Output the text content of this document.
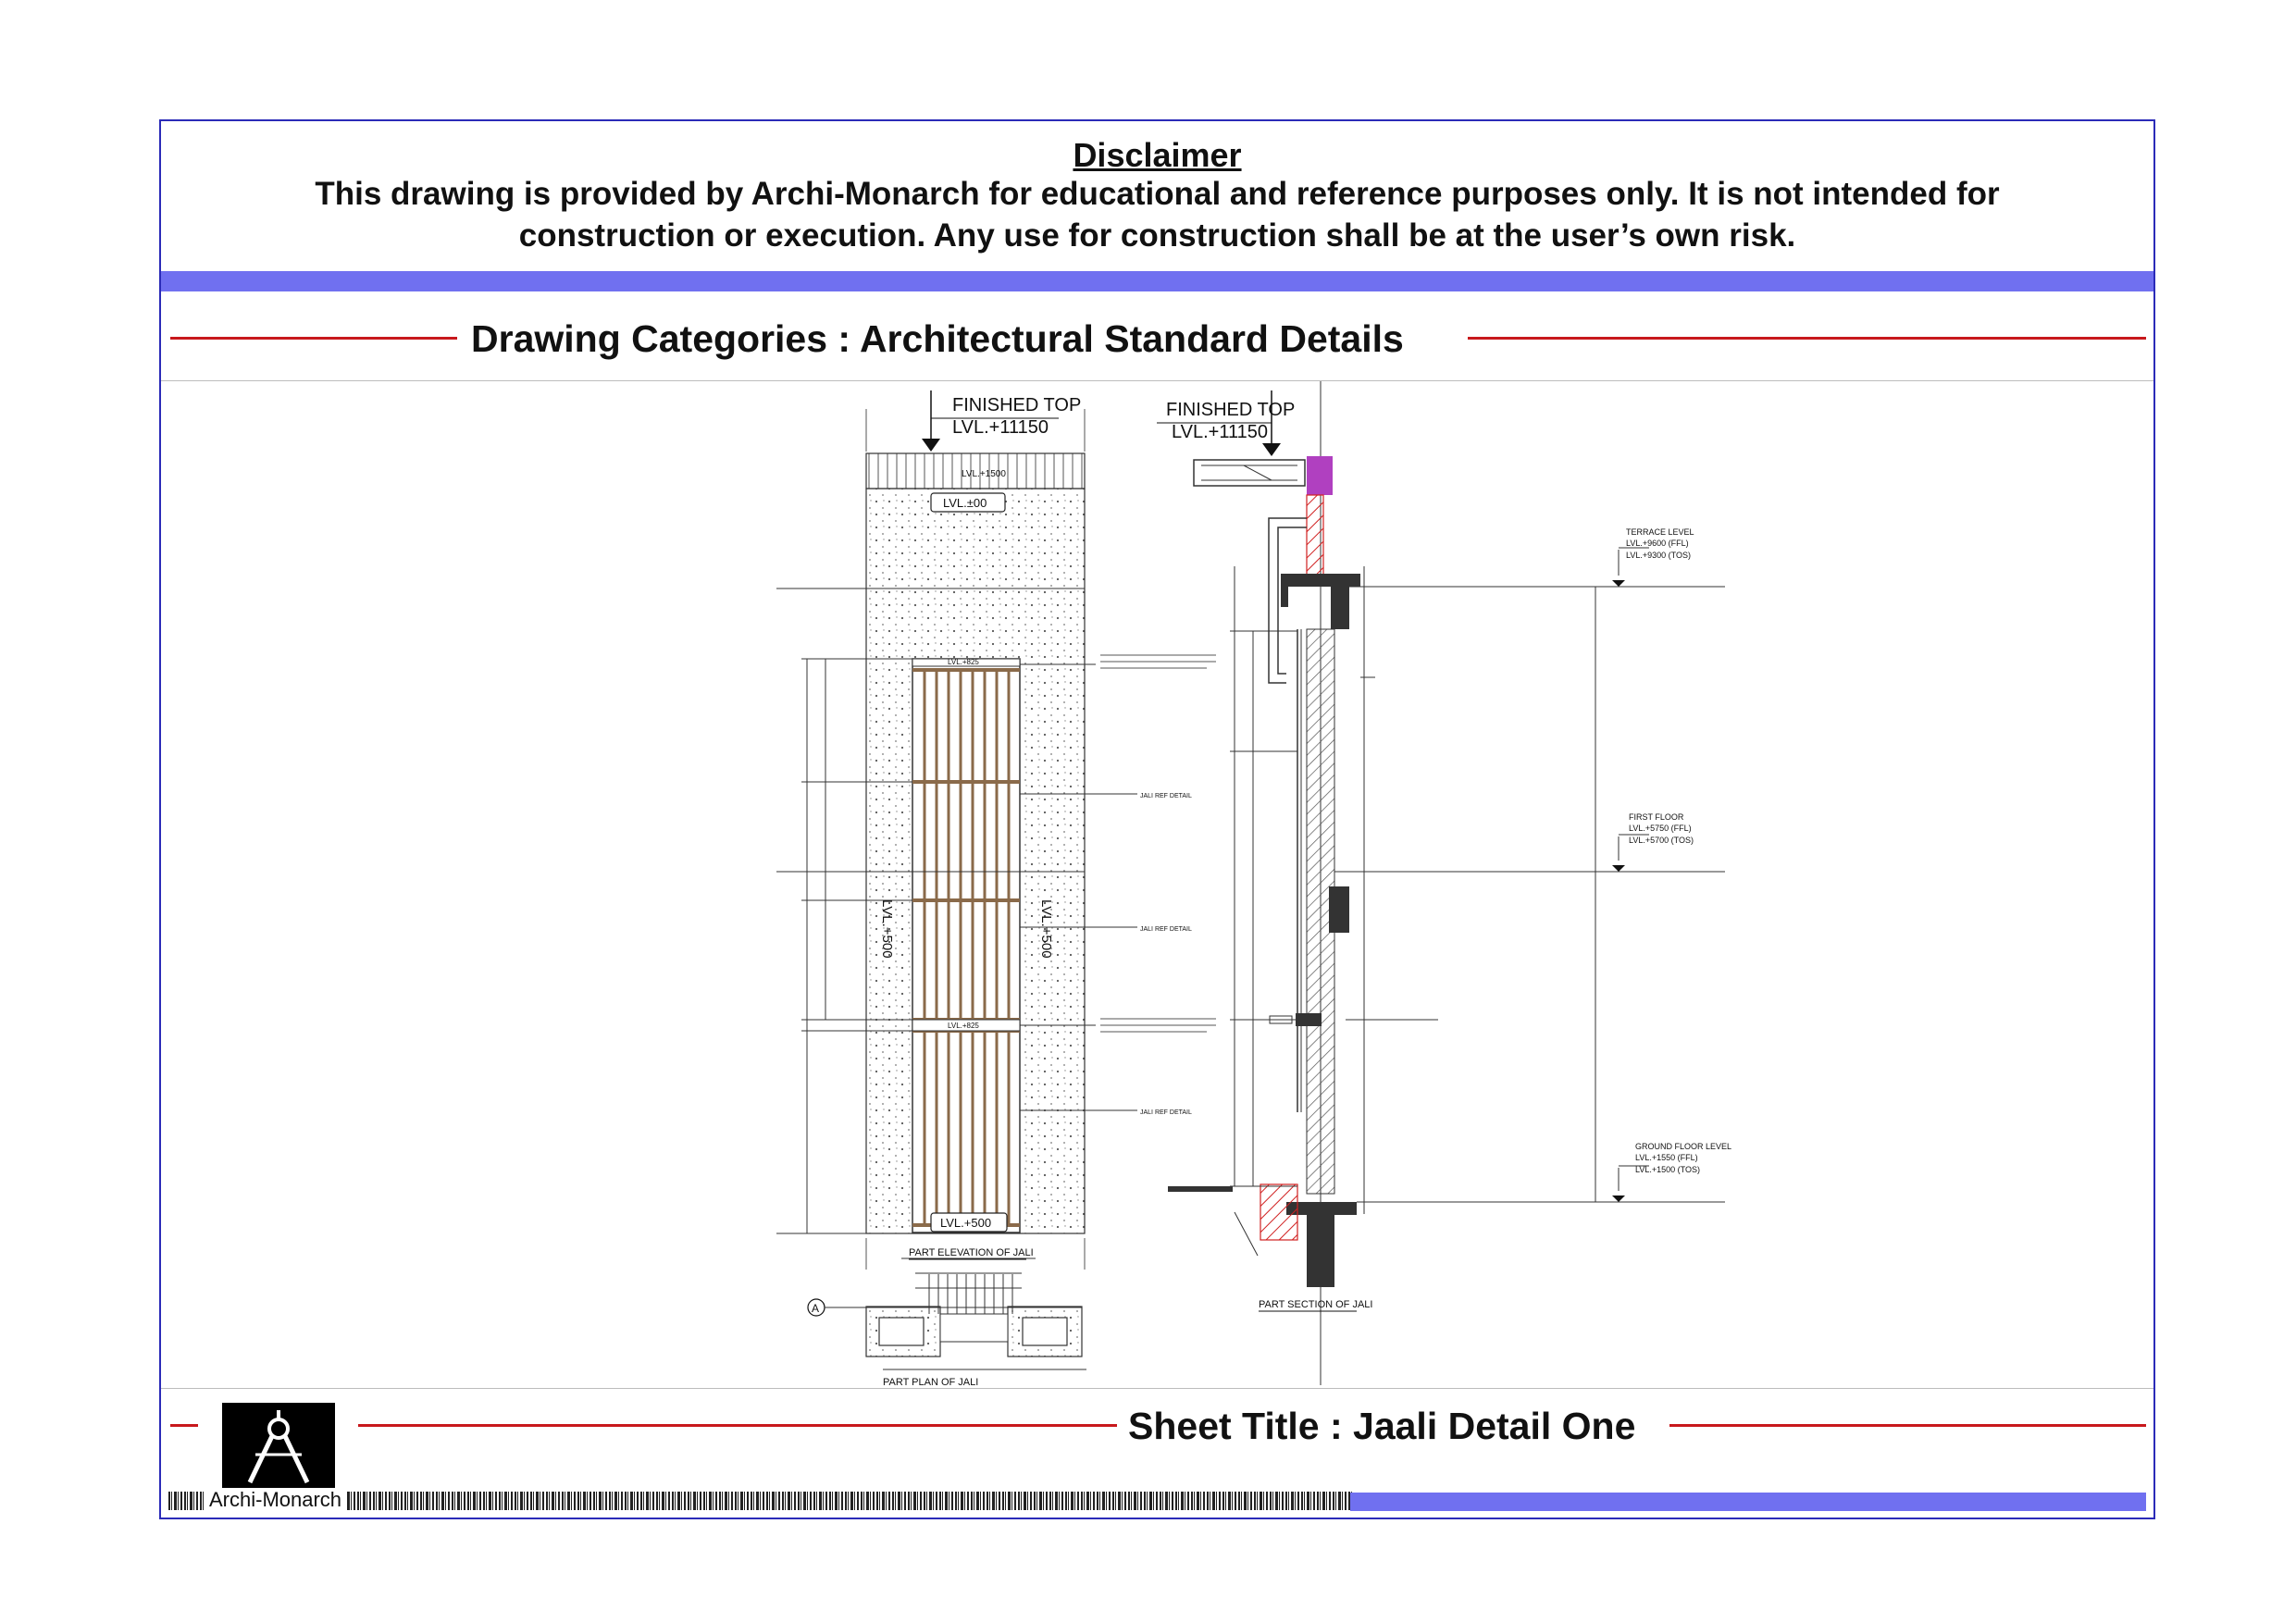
Disclaimer
This drawing is provided by Archi-Monarch for educational and reference purposes only. It is not intended for
construction or execution. Any use for construction shall be at the user’s own risk.
Drawing Categories : Architectural Standard Details
FINISHED TOP
LVL.+11150
LVL.+1500
LVL.±00
LVL.+825
LVL.+825
LVL.+500
LVL.+500	LVL.+500
JALI REF DETAIL
JALI REF DETAIL
JALI REF DETAIL
PART ELEVATION OF JALI
A
PART PLAN OF JALI
FINISHED TOP
LVL.+11150
TERRACE LEVEL
LVL.+9600 (FFL)
LVL.+9300 (TOS)
FIRST FLOOR
LVL.+5750 (FFL)
LVL.+5700 (TOS)
GROUND FLOOR LEVEL
LVL.+1550 (FFL)
LVL.+1500 (TOS)
PART SECTION OF JALI
Sheet Title : Jaali Detail One
Archi-Monarch
